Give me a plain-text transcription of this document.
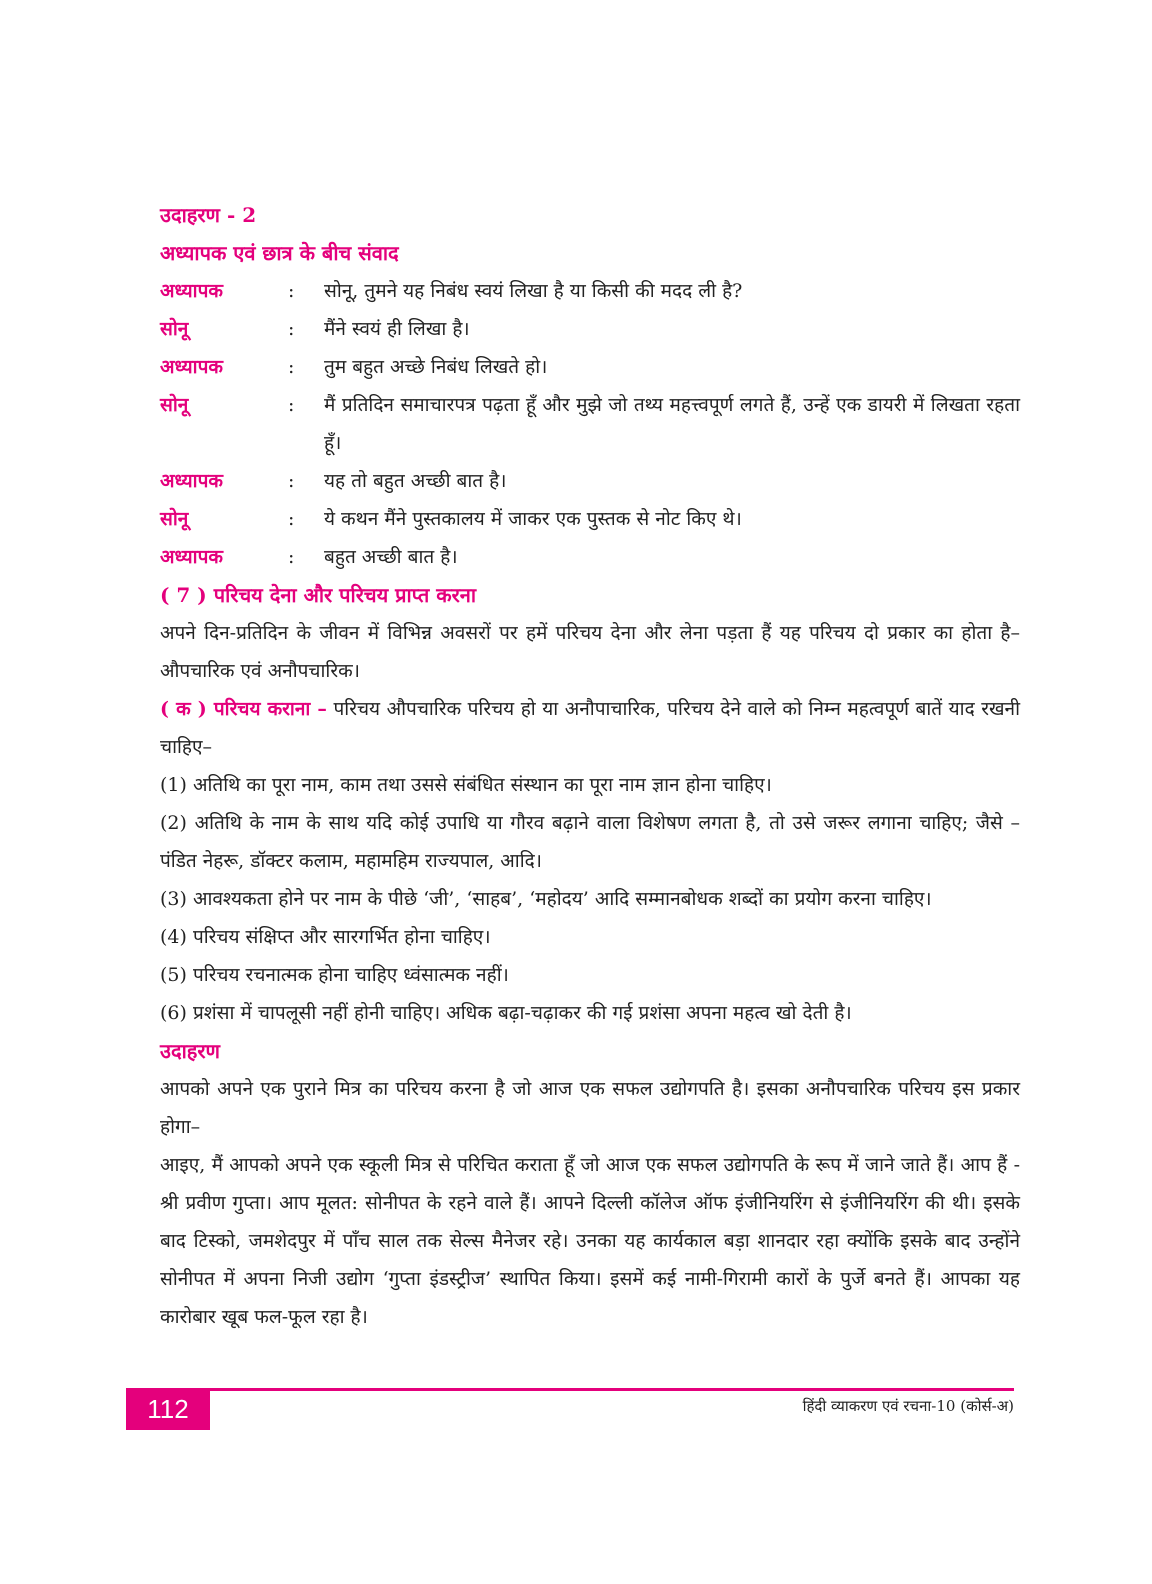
उदाहरण - 2
अध्यापक एवं छात्र के बीच संवाद
अध्यापक	:	सोनू, तुमने यह निबंध स्वयं लिखा है या किसी की मदद ली है?
सोनू	:	मैंने स्वयं ही लिखा है।
अध्यापक	:	तुम बहुत अच्छे निबंध लिखते हो।
सोनू	:	मैं प्रतिदिन समाचारपत्र पढ़ता हूँ और मुझे जो तथ्य महत्त्वपूर्ण लगते हैं, उन्हें एक डायरी में लिखता रहता हूँ।
अध्यापक	:	यह तो बहुत अच्छी बात है।
सोनू	:	ये कथन मैंने पुस्तकालय में जाकर एक पुस्तक से नोट किए थे।
अध्यापक	:	बहुत अच्छी बात है।
( 7 ) परिचय देना और परिचय प्राप्त करना

अपने दिन-प्रतिदिन के जीवन में विभिन्न अवसरों पर हमें परिचय देना और लेना पड़ता हैं यह परिचय दो प्रकार का होता है– औपचारिक एवं अनौपचारिक।

( क ) परिचय कराना – परिचय औपचारिक परिचय हो या अनौपाचारिक, परिचय देने वाले को निम्न महत्वपूर्ण बातें याद रखनी चाहिए–

(1) अतिथि का पूरा नाम, काम तथा उससे संबंधित संस्थान का पूरा नाम ज्ञान होना चाहिए।

(2) अतिथि के नाम के साथ यदि कोई उपाधि या गौरव बढ़ाने वाला विशेषण लगता है, तो उसे जरूर लगाना चाहिए; जैसे – पंडित नेहरू, डॉक्टर कलाम, महामहिम राज्यपाल, आदि।

(3) आवश्यकता होने पर नाम के पीछे ‘जी’, ‘साहब’, ‘महोदय’ आदि सम्मानबोधक शब्दों का प्रयोग करना चाहिए।

(4) परिचय संक्षिप्त और सारगर्भित होना चाहिए।

(5) परिचय रचनात्मक होना चाहिए ध्वंसात्मक नहीं।

(6) प्रशंसा में चापलूसी नहीं होनी चाहिए। अधिक बढ़ा-चढ़ाकर की गई प्रशंसा अपना महत्व खो देती है।

उदाहरण

आपको अपने एक पुराने मित्र का परिचय करना है जो आज एक सफल उद्योगपति है। इसका अनौपचारिक परिचय इस प्रकार होगा–

आइए, मैं आपको अपने एक स्कूली मित्र से परिचित कराता हूँ जो आज एक सफल उद्योगपति के रूप में जाने जाते हैं। आप हैं - श्री प्रवीण गुप्ता। आप मूलत: सोनीपत के रहने वाले हैं। आपने दिल्ली कॉलेज ऑफ इंजीनियरिंग से इंजीनियरिंग की थी। इसके बाद टिस्को, जमशेदपुर में पाँच साल तक सेल्स मैनेजर रहे। उनका यह कार्यकाल बड़ा शानदार रहा क्योंकि इसके बाद उन्होंने सोनीपत में अपना निजी उद्योग ‘गुप्ता इंडस्ट्रीज’ स्थापित किया। इसमें कई नामी-गिरामी कारों के पुर्जे बनते हैं। आपका यह कारोबार खूब फल-फूल रहा है।

112	हिंदी व्याकरण एवं रचना-10 (कोर्स-अ)
